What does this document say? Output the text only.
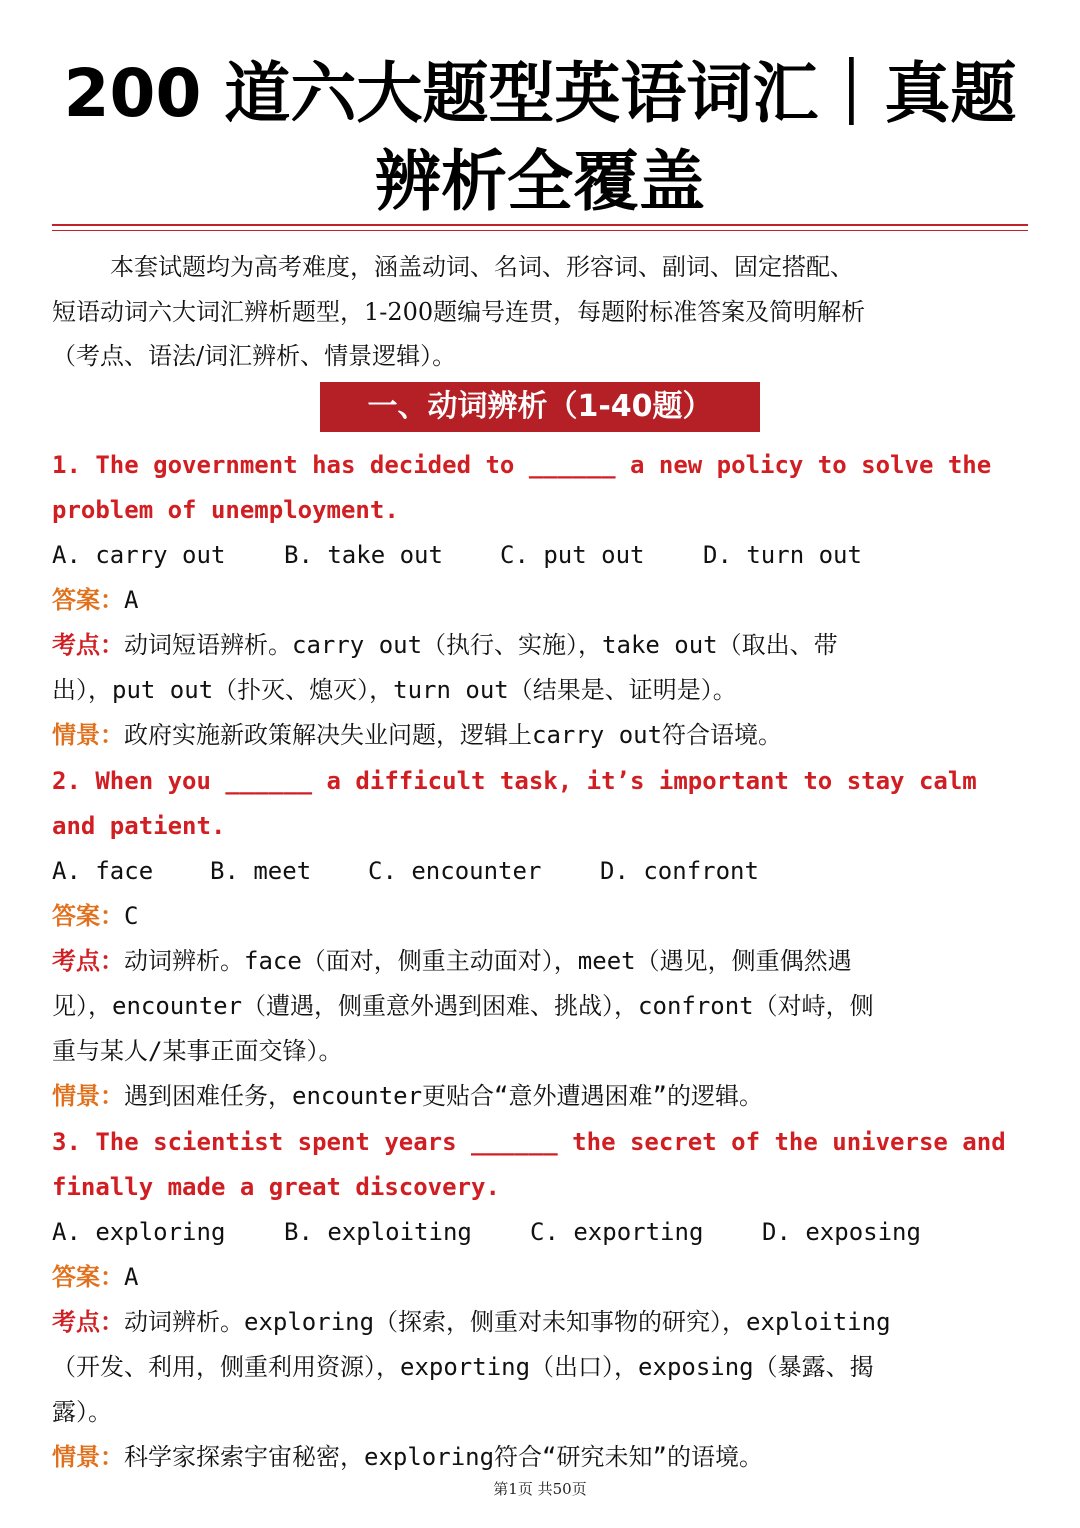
200 道六大题型英语词汇｜真题
辨析全覆盖
本套试题均为高考难度，涵盖动词、名词、形容词、副词、固定搭配、
短语动词六大词汇辨析题型，1-200题编号连贯，每题附标准答案及简明解析
（考点、语法/词汇辨析、情景逻辑）。
一、动词辨析（1-40题）
1. The government has decided to ______ a new policy to solve the
problem of unemployment.
A. carry out B. take out C. put out D. turn out
答案：A
考点：动词短语辨析。carry out（执行、实施），take out（取出、带
出），put out（扑灭、熄灭），turn out（结果是、证明是）。
情景：政府实施新政策解决失业问题，逻辑上carry out符合语境。
2. When you ______ a difficult task, it’s important to stay calm
and patient.
A. face B. meet C. encounter D. confront
答案：C
考点：动词辨析。face（面对，侧重主动面对），meet（遇见，侧重偶然遇
见），encounter（遭遇，侧重意外遇到困难、挑战），confront（对峙，侧
重与某人/某事正面交锋）。
情景：遇到困难任务，encounter更贴合“意外遭遇困难”的逻辑。
3. The scientist spent years ______ the secret of the universe and
finally made a great discovery.
A. exploring B. exploiting C. exporting D. exposing
答案：A
考点：动词辨析。exploring（探索，侧重对未知事物的研究），exploiting
（开发、利用，侧重利用资源），exporting（出口），exposing（暴露、揭
露）。
情景：科学家探索宇宙秘密，exploring符合“研究未知”的语境。
第1页 共50页
